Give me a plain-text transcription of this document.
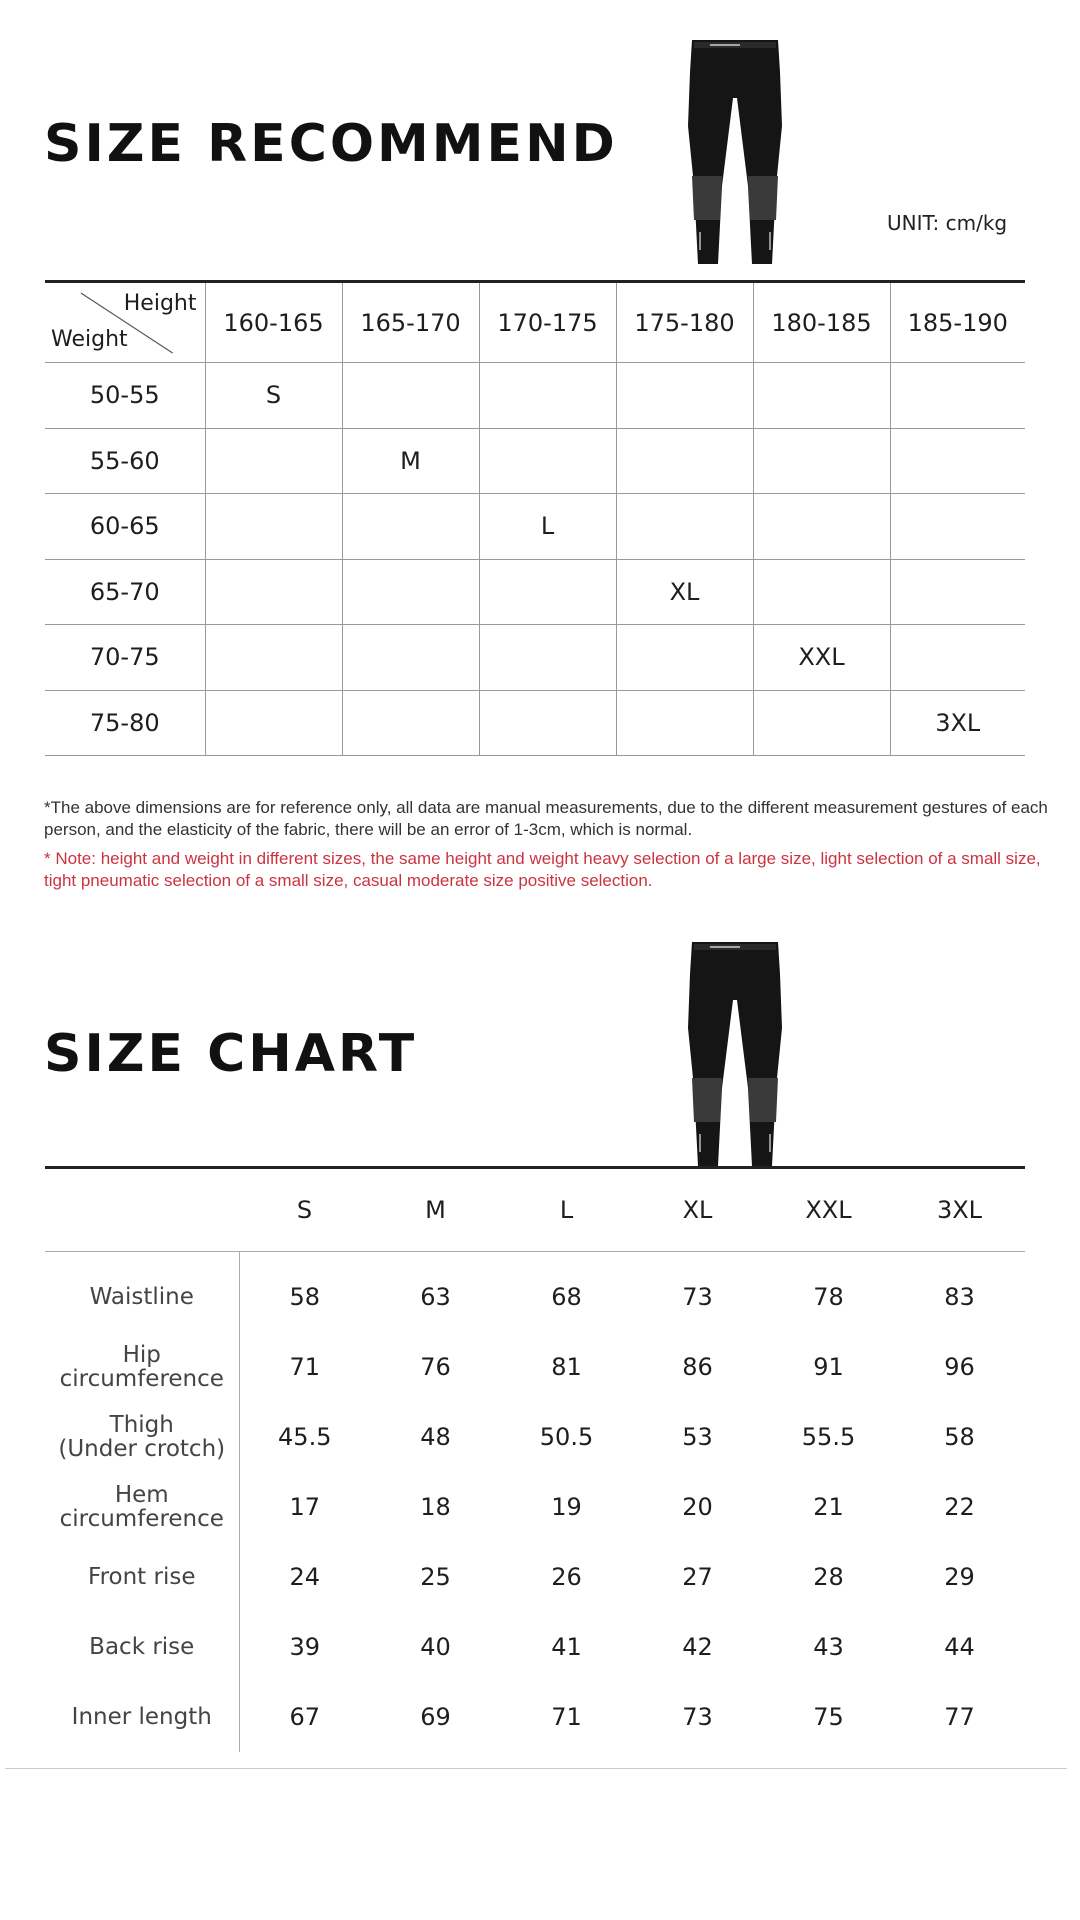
SIZE RECOMMEND
UNIT: cm/kg
Height
Weight	160-165	165-170	170-175	175-180	180-185	185-190
50-55	S					
55-60		M				
60-65			L			
65-70				XL		
70-75					XXL	
75-80						3XL
*The above dimensions are for reference only, all data are manual measurements, due to the different measurement gestures of each person, and the elasticity of the fabric, there will be an error of 1-3cm, which is normal.
* Note: height and weight in different sizes, the same height and weight heavy selection of a large size, light selection of a small size, tight pneumatic selection of a small size, casual moderate size positive selection.
SIZE CHART
	S	M	L	XL	XXL	3XL
Waistline	58	63	68	73	78	83
Hip
circumference	71	76	81	86	91	96
Thigh
(Under crotch)	45.5	48	50.5	53	55.5	58
Hem
circumference	17	18	19	20	21	22
Front rise	24	25	26	27	28	29
Back rise	39	40	41	42	43	44
Inner length	67	69	71	73	75	77
